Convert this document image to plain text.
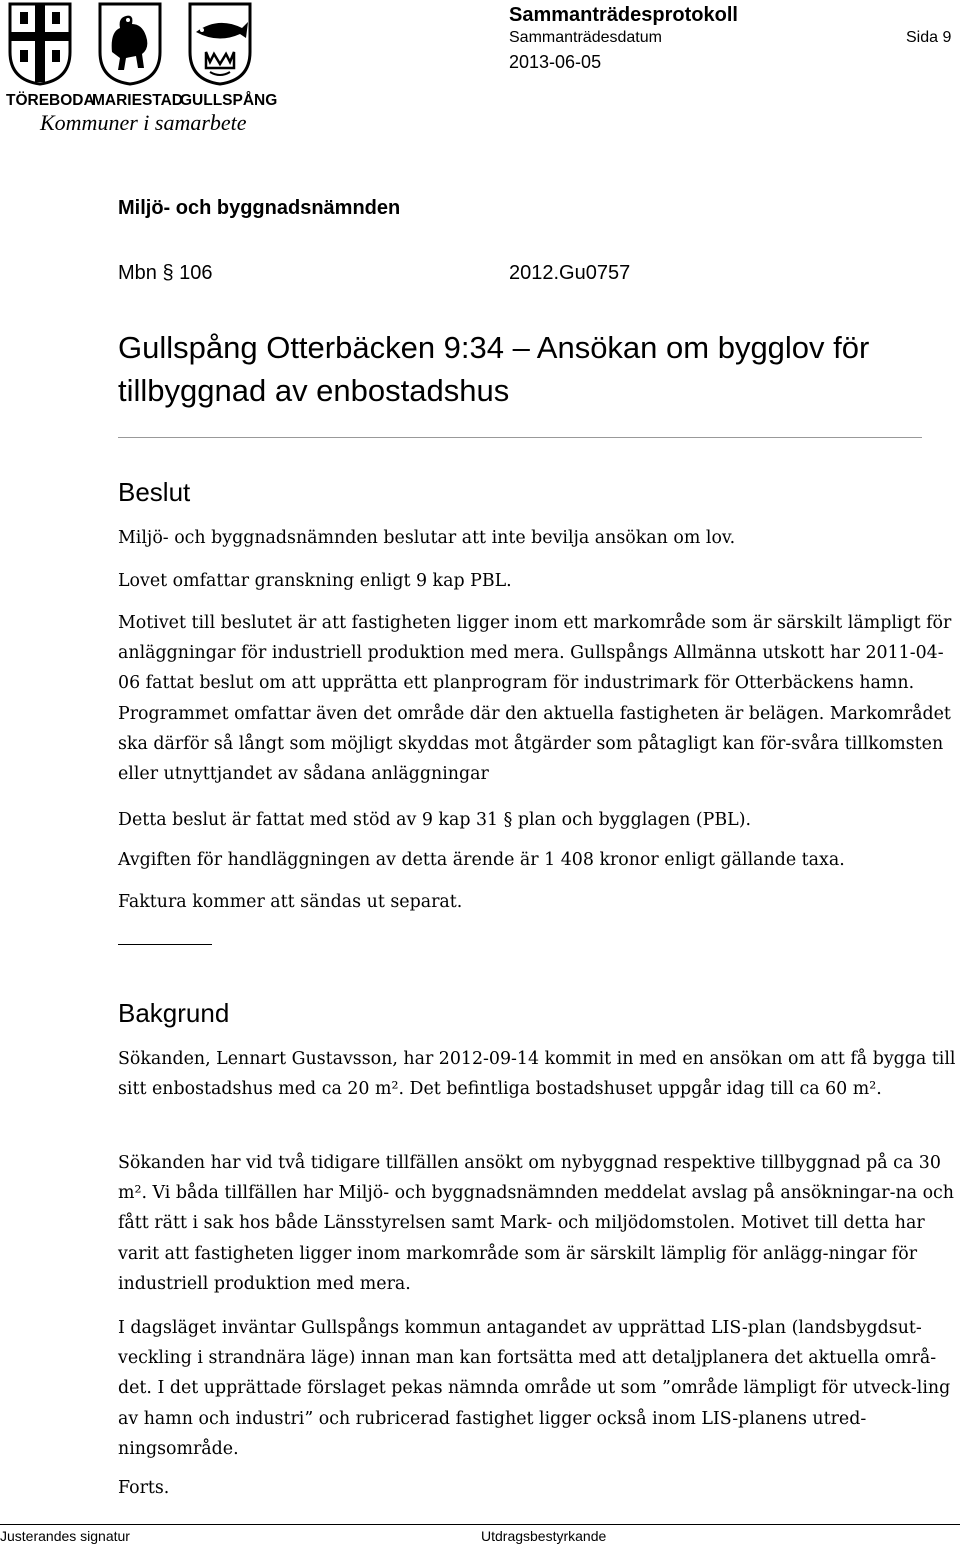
TÖREBODA
MARIESTAD
GULLSPÅNG
Kommuner i samarbete
Sammanträdesprotokoll
Sammanträdesdatum	Sida 9
2013-06-05
Miljö- och byggnadsnämnden
Mbn § 106	2012.Gu0757
Gullspång Otterbäcken 9:34 – Ansökan om bygglov för tillbyggnad av enbostadshus
Beslut

Miljö- och byggnadsnämnden beslutar att inte bevilja ansökan om lov.

Lovet omfattar granskning enligt 9 kap PBL.

Motivet till beslutet är att fastigheten ligger inom ett markområde som är särskilt lämpligt för anläggningar för industriell produktion med mera. Gullspångs Allmänna utskott har 2011-04-06 fattat beslut om att upprätta ett planprogram för industrimark för Otterbäckens hamn. Programmet omfattar även det område där den aktuella fastigheten är belägen. Markområdet ska därför så långt som möjligt skyddas mot åtgärder som påtagligt kan för-svåra tillkomsten eller utnyttjandet av sådana anläggningar

Detta beslut är fattat med stöd av 9 kap 31 § plan och bygglagen (PBL).

Avgiften för handläggningen av detta ärende är 1 408 kronor enligt gällande taxa.

Faktura kommer att sändas ut separat.

Bakgrund

Sökanden, Lennart Gustavsson, har 2012-09-14 kommit in med en ansökan om att få bygga till sitt enbostadshus med ca 20 m². Det befintliga bostadshuset uppgår idag till ca 60 m².

Sökanden har vid två tidigare tillfällen ansökt om nybyggnad respektive tillbyggnad på ca 30 m². Vi båda tillfällen har Miljö- och byggnadsnämnden meddelat avslag på ansökningar-na och fått rätt i sak hos både Länsstyrelsen samt Mark- och miljödomstolen. Motivet till detta har varit att fastigheten ligger inom markområde som är särskilt lämplig för anlägg-ningar för industriell produktion med mera.

I dagsläget inväntar Gullspångs kommun antagandet av upprättad LIS-plan (landsbygdsut-veckling i strandnära läge) innan man kan fortsätta med att detaljplanera det aktuella områ-det. I det upprättade förslaget pekas nämnda område ut som ”område lämpligt för utveck-ling av hamn och industri” och rubricerad fastighet ligger också inom LIS-planens utred-ningsområde.

Forts.
Justerandes signatur	Utdragsbestyrkande
